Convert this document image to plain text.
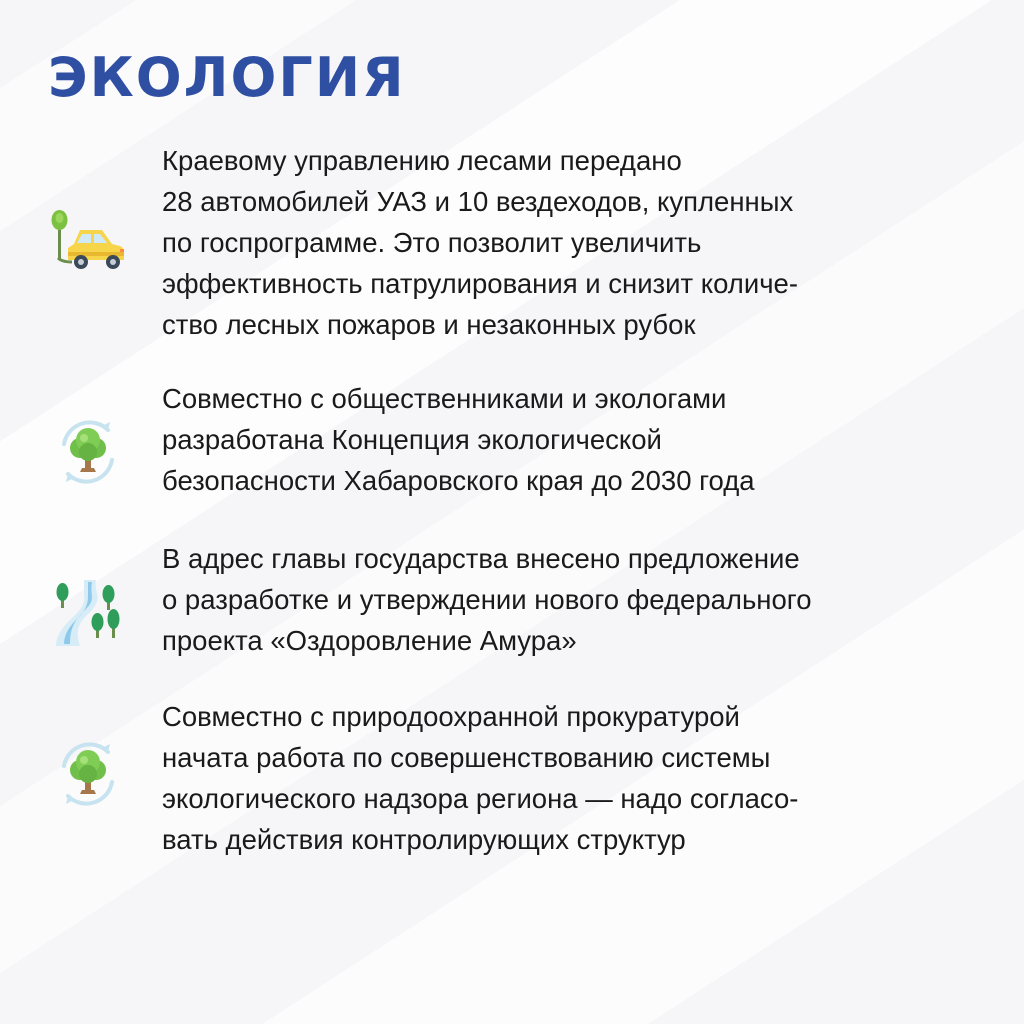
ЭКОЛОГИЯ

Краевому управлению лесами передано
28 автомобилей УАЗ и 10 вездеходов, купленных
по госпрограмме. Это позволит увеличить
эффективность патрулирования и снизит количе-
ство лесных пожаров и незаконных рубок

Совместно с общественниками и экологами
разработана Концепция экологической
безопасности Хабаровского края до 2030 года

В адрес главы государства внесено предложение
о разработке и утверждении нового федерального
проекта «Оздоровление Амура»

Совместно с природоохранной прокуратурой
начата работа по совершенствованию системы
экологического надзора региона — надо согласо-
вать действия контролирующих структур
